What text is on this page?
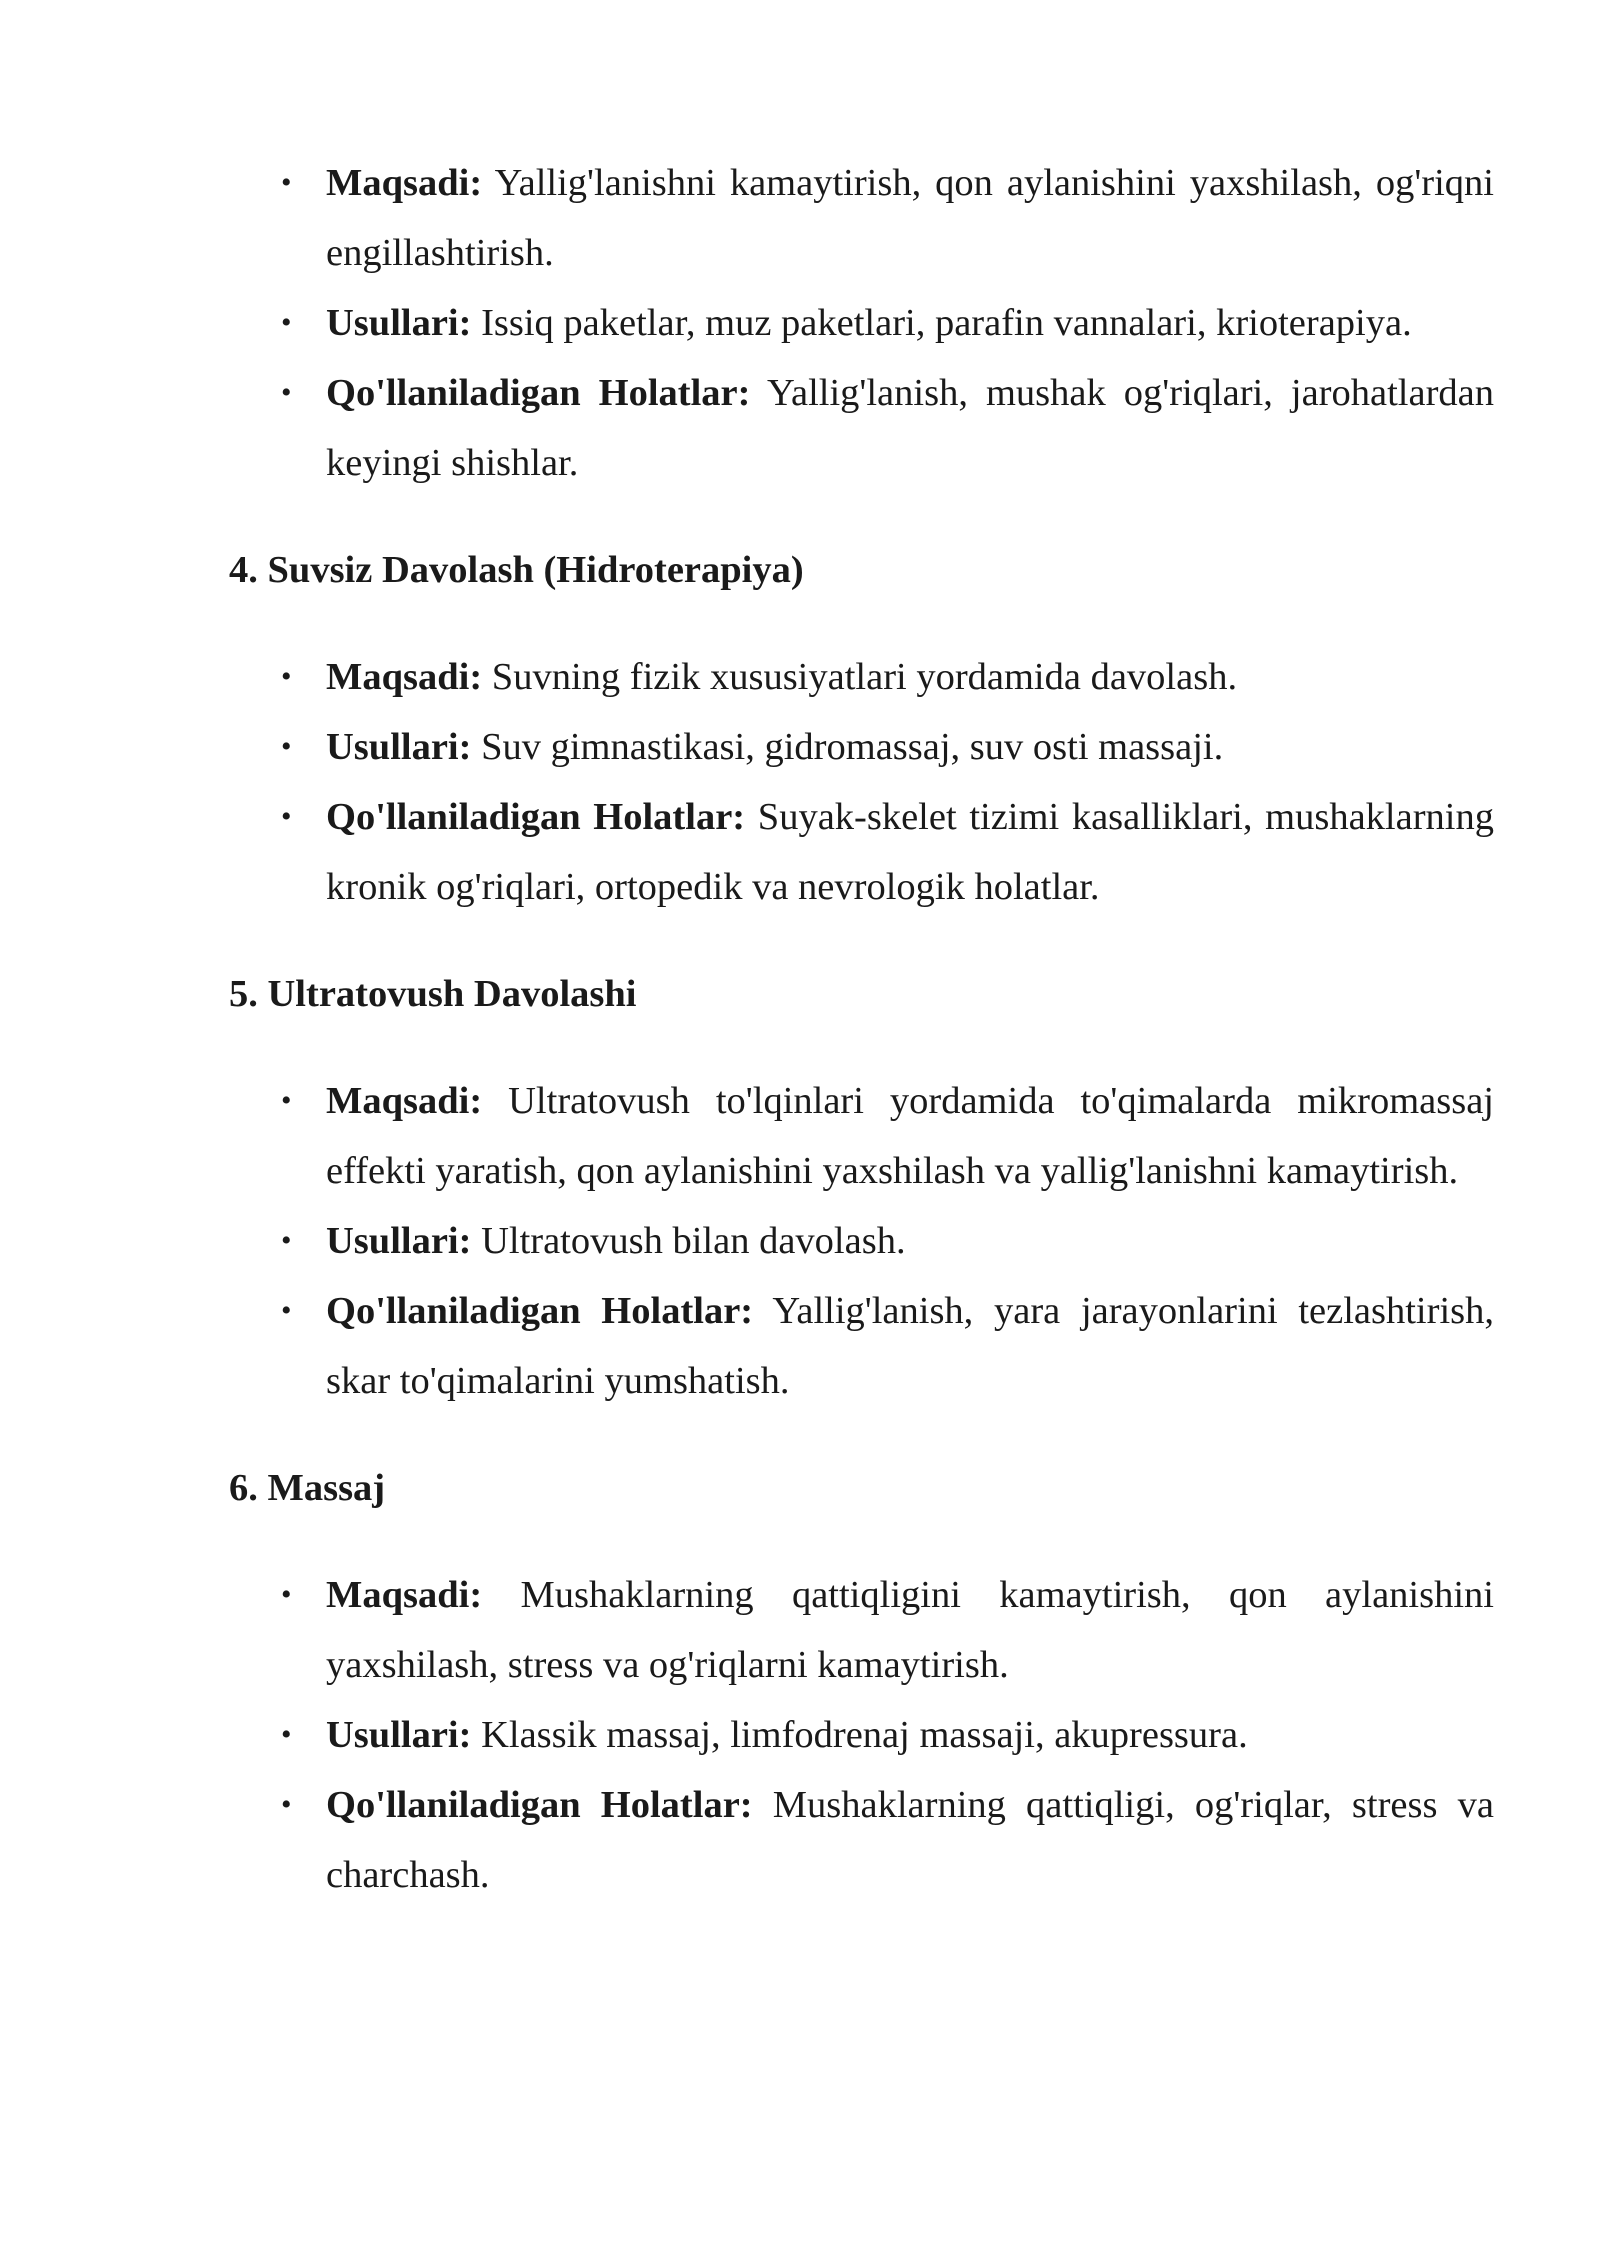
• Maqsadi: Yallig'lanishni kamaytirish, qon aylanishini yaxshilash, og'riqni engillashtirish.
• Usullari: Issiq paketlar, muz paketlari, parafin vannalari, krioterapiya.
• Qo'llaniladigan Holatlar: Yallig'lanish, mushak og'riqlari, jarohatlardan keyingi shishlar.

4. Suvsiz Davolash (Hidroterapiya)

• Maqsadi: Suvning fizik xususiyatlari yordamida davolash.
• Usullari: Suv gimnastikasi, gidromassaj, suv osti massaji.
• Qo'llaniladigan Holatlar: Suyak-skelet tizimi kasalliklari, mushaklarning kronik og'riqlari, ortopedik va nevrologik holatlar.

5. Ultratovush Davolashi

• Maqsadi: Ultratovush to'lqinlari yordamida to'qimalarda mikromassaj effekti yaratish, qon aylanishini yaxshilash va yallig'lanishni kamaytirish.
• Usullari: Ultratovush bilan davolash.
• Qo'llaniladigan Holatlar: Yallig'lanish, yara jarayonlarini tezlashtirish, skar to'qimalarini yumshatish.

6. Massaj

• Maqsadi: Mushaklarning qattiqligini kamaytirish, qon aylanishini yaxshilash, stress va og'riqlarni kamaytirish.
• Usullari: Klassik massaj, limfodrenaj massaji, akupressura.
• Qo'llaniladigan Holatlar: Mushaklarning qattiqligi, og'riqlar, stress va charchash.
